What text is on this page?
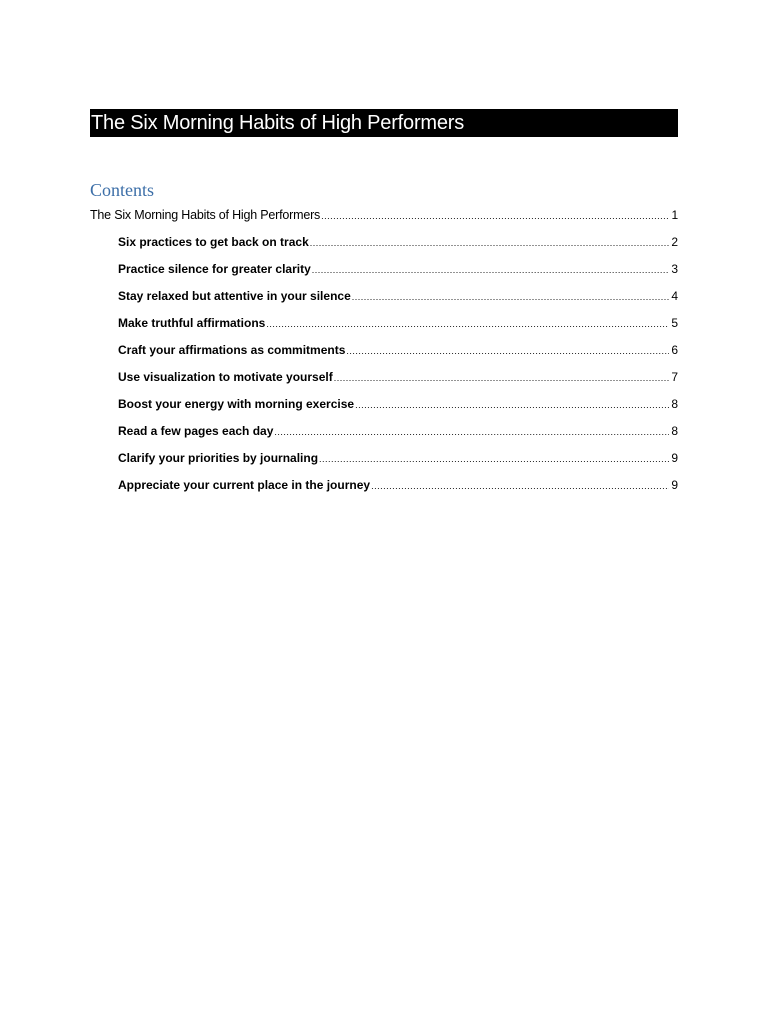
The Six Morning Habits of High Performers
Contents
The Six Morning Habits of High Performers .....	1
Six practices to get back on track .....	2
Practice silence for greater clarity .....	3
Stay relaxed but attentive in your silence .....	4
Make truthful affirmations .....	5
Craft your affirmations as commitments .....	6
Use visualization to motivate yourself .....	7
Boost your energy with morning exercise .....	8
Read a few pages each day .....	8
Clarify your priorities by journaling .....	9
Appreciate your current place in the journey .....	9
